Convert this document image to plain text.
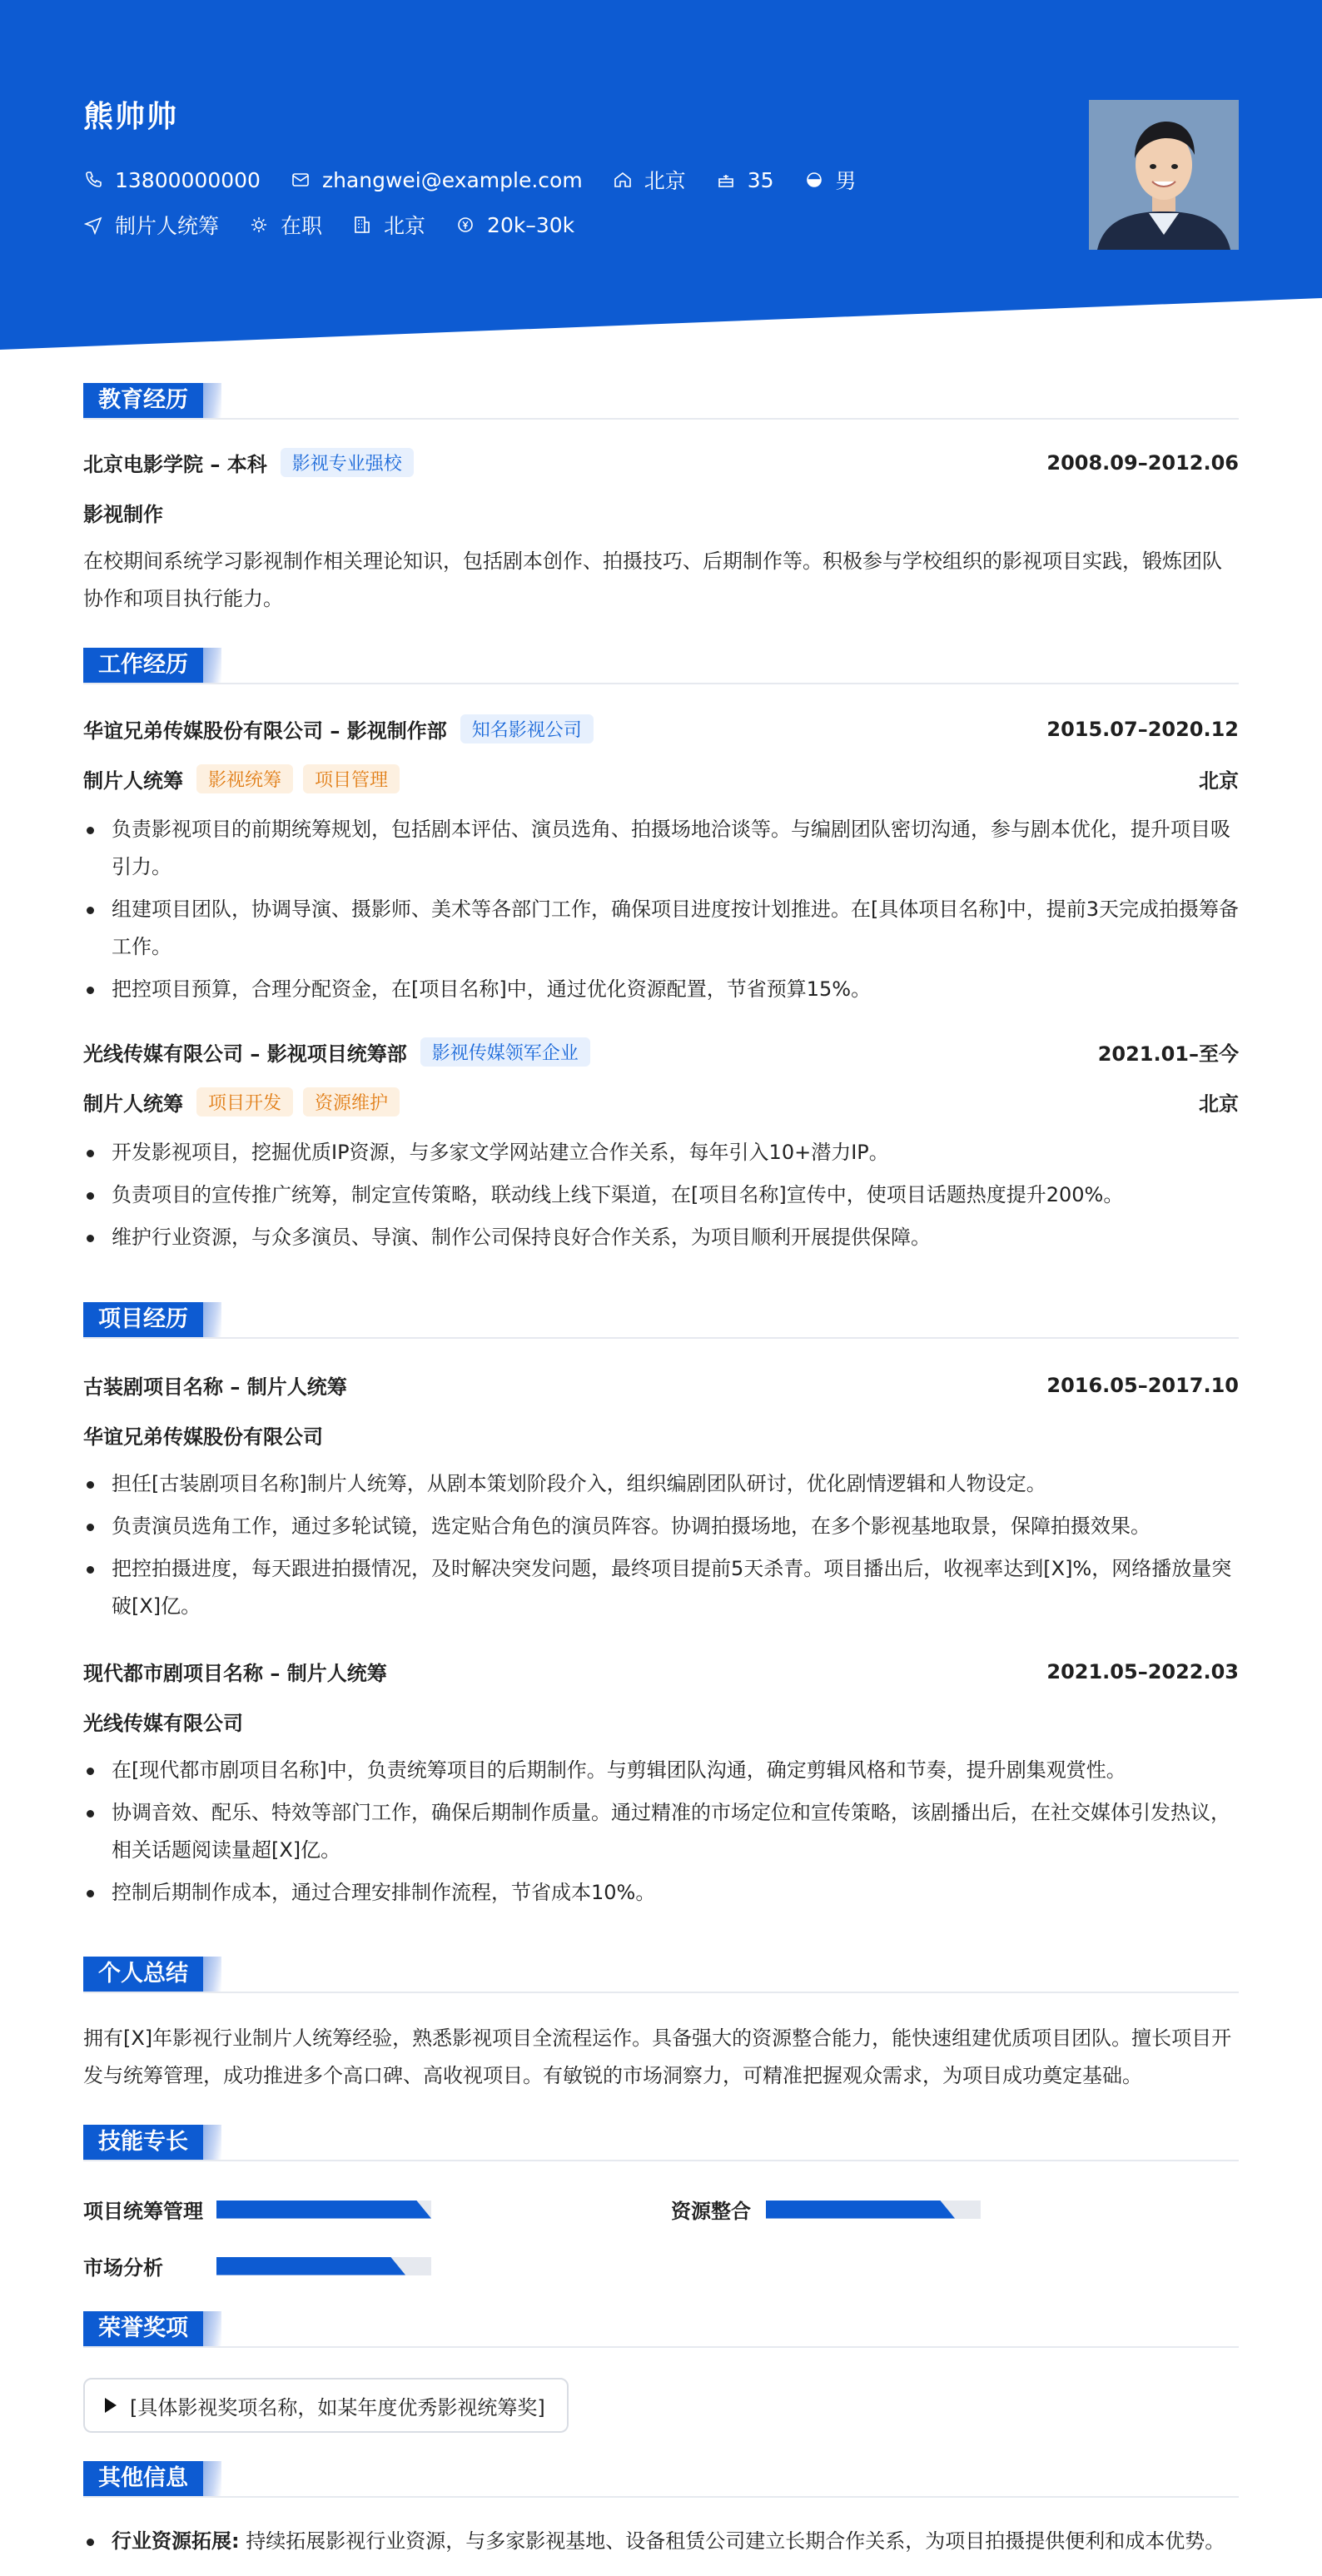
熊帅帅
13800000000	zhangwei@example.com	北京	35	男
制片人统筹	在职	北京	20k–30k
教育经历
北京电影学院 – 本科	影视专业强校	2008.09–2012.06
影视制作
在校期间系统学习影视制作相关理论知识，包括剧本创作、拍摄技巧、后期制作等。积极参与学校组织的影视项目实践，锻炼团队协作和项目执行能力。
工作经历
华谊兄弟传媒股份有限公司 – 影视制作部	知名影视公司	2015.07–2020.12
制片人统筹	影视统筹	项目管理	北京
负责影视项目的前期统筹规划，包括剧本评估、演员选角、拍摄场地洽谈等。与编剧团队密切沟通，参与剧本优化，提升项目吸引力。
组建项目团队，协调导演、摄影师、美术等各部门工作，确保项目进度按计划推进。在[具体项目名称]中，提前3天完成拍摄筹备工作。
把控项目预算，合理分配资金，在[项目名称]中，通过优化资源配置，节省预算15%。
光线传媒有限公司 – 影视项目统筹部	影视传媒领军企业	2021.01–至今
制片人统筹	项目开发	资源维护	北京
开发影视项目，挖掘优质IP资源，与多家文学网站建立合作关系，每年引入10+潜力IP。
负责项目的宣传推广统筹，制定宣传策略，联动线上线下渠道，在[项目名称]宣传中，使项目话题热度提升200%。
维护行业资源，与众多演员、导演、制作公司保持良好合作关系，为项目顺利开展提供保障。
项目经历
古装剧项目名称 – 制片人统筹	2016.05–2017.10
华谊兄弟传媒股份有限公司
担任[古装剧项目名称]制片人统筹，从剧本策划阶段介入，组织编剧团队研讨，优化剧情逻辑和人物设定。
负责演员选角工作，通过多轮试镜，选定贴合角色的演员阵容。协调拍摄场地，在多个影视基地取景，保障拍摄效果。
把控拍摄进度，每天跟进拍摄情况，及时解决突发问题，最终项目提前5天杀青。项目播出后，收视率达到[X]%，网络播放量突破[X]亿。
现代都市剧项目名称 – 制片人统筹	2021.05–2022.03
光线传媒有限公司
在[现代都市剧项目名称]中，负责统筹项目的后期制作。与剪辑团队沟通，确定剪辑风格和节奏，提升剧集观赏性。
协调音效、配乐、特效等部门工作，确保后期制作质量。通过精准的市场定位和宣传策略，该剧播出后，在社交媒体引发热议，相关话题阅读量超[X]亿。
控制后期制作成本，通过合理安排制作流程，节省成本10%。
个人总结
拥有[X]年影视行业制片人统筹经验，熟悉影视项目全流程运作。具备强大的资源整合能力，能快速组建优质项目团队。擅长项目开发与统筹管理，成功推进多个高口碑、高收视项目。有敏锐的市场洞察力，可精准把握观众需求，为项目成功奠定基础。
技能专长
项目统筹管理	资源整合
市场分析
荣誉奖项
[具体影视奖项名称，如某年度优秀影视统筹奖]
其他信息
行业资源拓展: 持续拓展影视行业资源，与多家影视基地、设备租赁公司建立长期合作关系，为项目拍摄提供便利和成本优势。
